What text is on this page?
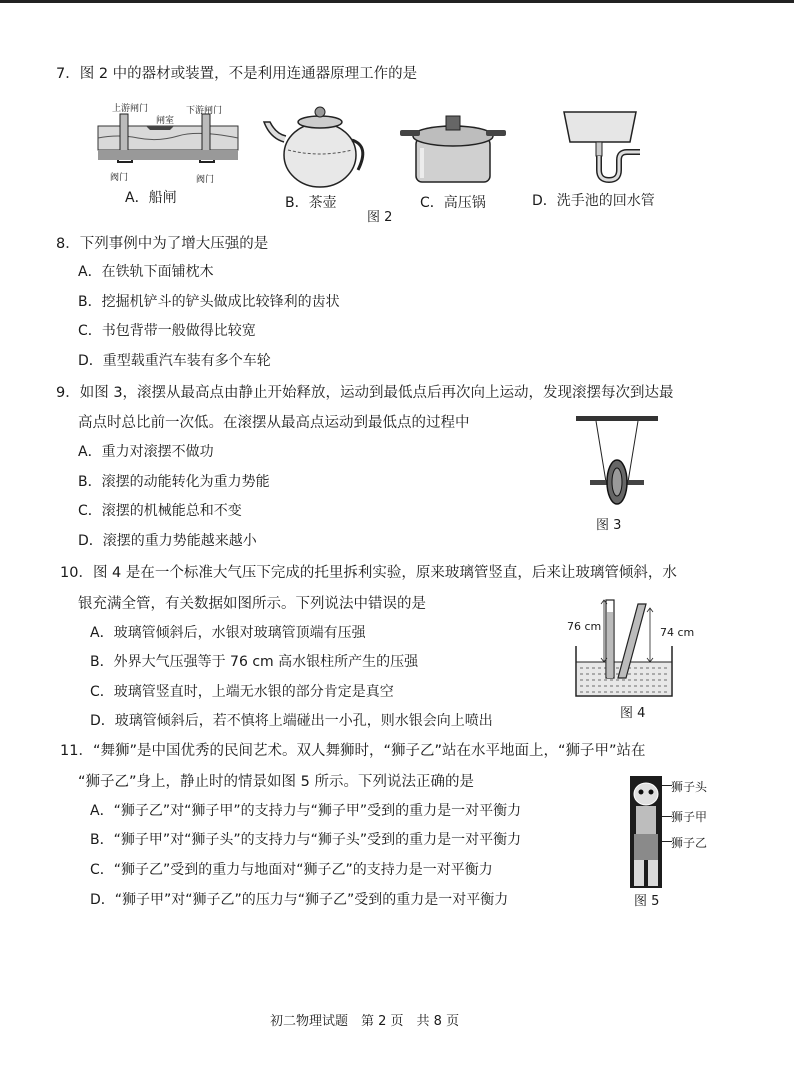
7．图 2 中的器材或装置，不是利用连通器原理工作的是
上游闸门	下游闸门
闸室
阀门	阀门
A．船闸	B．茶壶	C．高压锅	D．洗手池的回水管
图 2
8．下列事例中为了增大压强的是
A．在铁轨下面铺枕木
B．挖掘机铲斗的铲头做成比较锋利的齿状
C．书包背带一般做得比较宽
D．重型载重汽车装有多个车轮
9．如图 3，滚摆从最高点由静止开始释放，运动到最低点后再次向上运动，发现滚摆每次到达最
高点时总比前一次低。在滚摆从最高点运动到最低点的过程中
A．重力对滚摆不做功
B．滚摆的动能转化为重力势能
C．滚摆的机械能总和不变
D．滚摆的重力势能越来越小
图 3
10．图 4 是在一个标准大气压下完成的托里拆利实验，原来玻璃管竖直，后来让玻璃管倾斜，水
银充满全管，有关数据如图所示。下列说法中错误的是
A．玻璃管倾斜后，水银对玻璃管顶端有压强
B．外界大气压强等于 76 cm 高水银柱所产生的压强
C．玻璃管竖直时，上端无水银的部分肯定是真空
D．玻璃管倾斜后，若不慎将上端碰出一小孔，则水银会向上喷出
76 cm	74 cm
图 4
11．“舞狮”是中国优秀的民间艺术。双人舞狮时，“狮子乙”站在水平地面上，“狮子甲”站在
“狮子乙”身上，静止时的情景如图 5 所示。下列说法正确的是
A．“狮子乙”对“狮子甲”的支持力与“狮子甲”受到的重力是一对平衡力
B．“狮子甲”对“狮子头”的支持力与“狮子头”受到的重力是一对平衡力
C．“狮子乙”受到的重力与地面对“狮子乙”的支持力是一对平衡力
D．“狮子甲”对“狮子乙”的压力与“狮子乙”受到的重力是一对平衡力
狮子头
狮子甲
狮子乙
图 5
初二物理试题　第 2 页　共 8 页
